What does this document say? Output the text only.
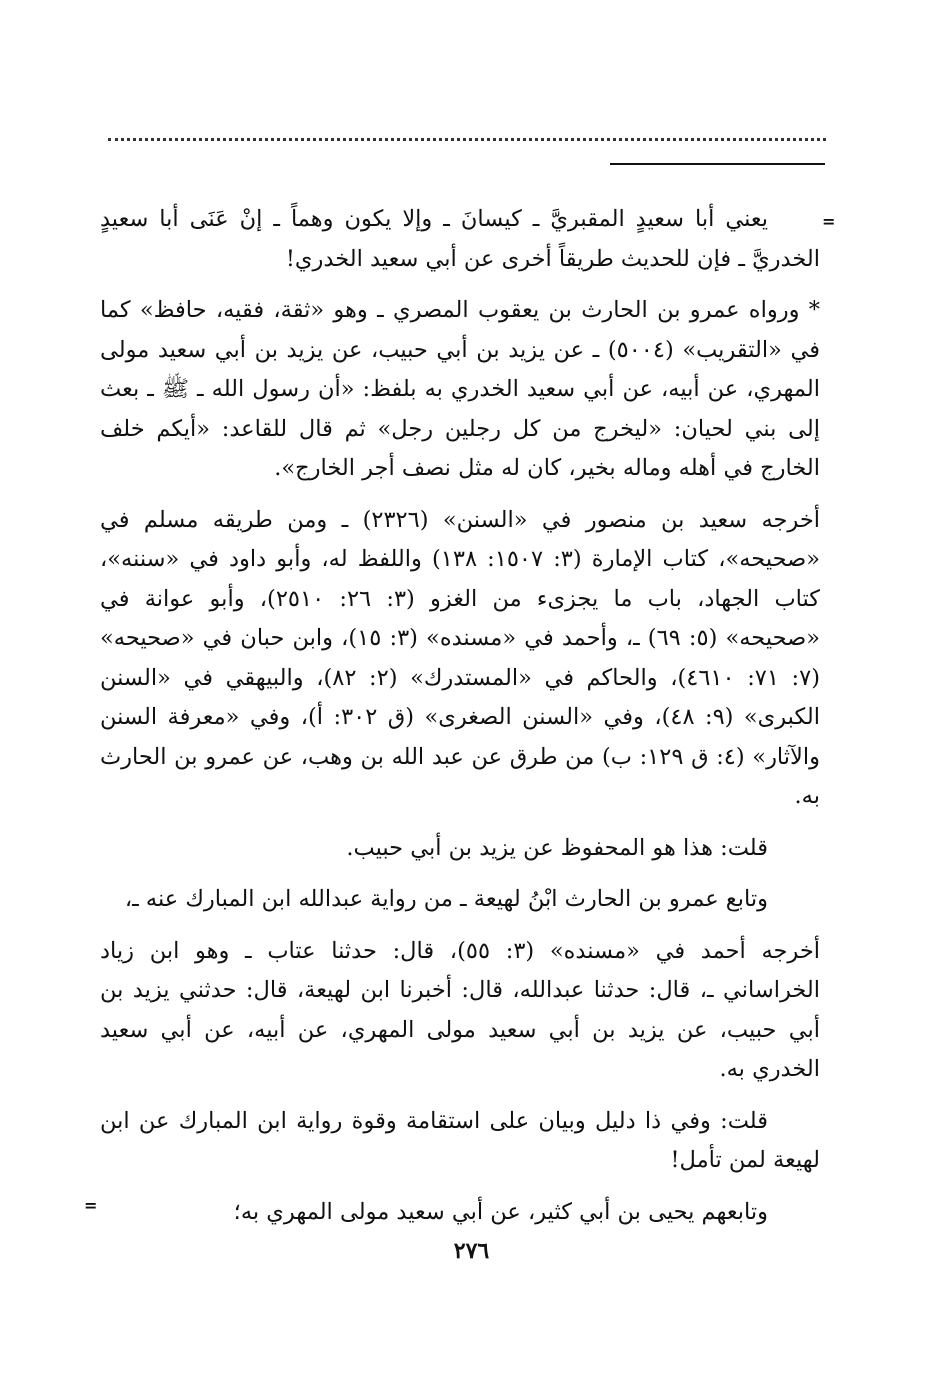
=

يعني أبا سعيدٍ المقبريَّ ـ كيسانَ ـ وإلا يكون وهماً ـ إنْ عَنَى أبا سعيدٍ الخدريَّ ـ فإن للحديث طريقاً أخرى عن أبي سعيد الخدري!

* ورواه عمرو بن الحارث بن يعقوب المصري ـ وهو «ثقة، فقيه، حافظ» كما في «التقريب» (٥٠٠٤) ـ عن يزيد بن أبي حبيب، عن يزيد بن أبي سعيد مولى المهري، عن أبيه، عن أبي سعيد الخدري به بلفظ: «أن رسول الله ـ ﷺ ـ بعث إلى بني لحيان: «ليخرج من كل رجلين رجل» ثم قال للقاعد: «أيكم خلف الخارج في أهله وماله بخير، كان له مثل نصف أجر الخارج».

أخرجه سعيد بن منصور في «السنن» (٢٣٢٦) ـ ومن طريقه مسلم في «صحيحه»، كتاب الإمارة (٣: ١٥٠٧: ١٣٨) واللفظ له، وأبو داود في «سننه»، كتاب الجهاد، باب ما يجزىء من الغزو (٣: ٢٦: ٢٥١٠)، وأبو عوانة في «صحيحه» (٥: ٦٩) ـ، وأحمد في «مسنده» (٣: ١٥)، وابن حبان في «صحيحه» (٧: ٧١: ٤٦١٠)، والحاكم في «المستدرك» (٢: ٨٢)، والبيهقي في «السنن الكبرى» (٩: ٤٨)، وفي «السنن الصغرى» (ق ٣٠٢: أ)، وفي «معرفة السنن والآثار» (٤: ق ١٢٩: ب) من طرق عن عبد الله بن وهب، عن عمرو بن الحارث به.

قلت: هذا هو المحفوظ عن يزيد بن أبي حبيب.

وتابع عمرو بن الحارث ابْنُ لهيعة ـ من رواية عبدالله ابن المبارك عنه ـ،

أخرجه أحمد في «مسنده» (٣: ٥٥)، قال: حدثنا عتاب ـ وهو ابن زياد الخراساني ـ، قال: حدثنا عبدالله، قال: أخبرنا ابن لهيعة، قال: حدثني يزيد بن أبي حبيب، عن يزيد بن أبي سعيد مولى المهري، عن أبيه، عن أبي سعيد الخدري به.

قلت: وفي ذا دليل وبيان على استقامة وقوة رواية ابن المبارك عن ابن لهيعة لمن تأمل!

وتابعهم يحيى بن أبي كثير، عن أبي سعيد مولى المهري به؛

=
٢٧٦
